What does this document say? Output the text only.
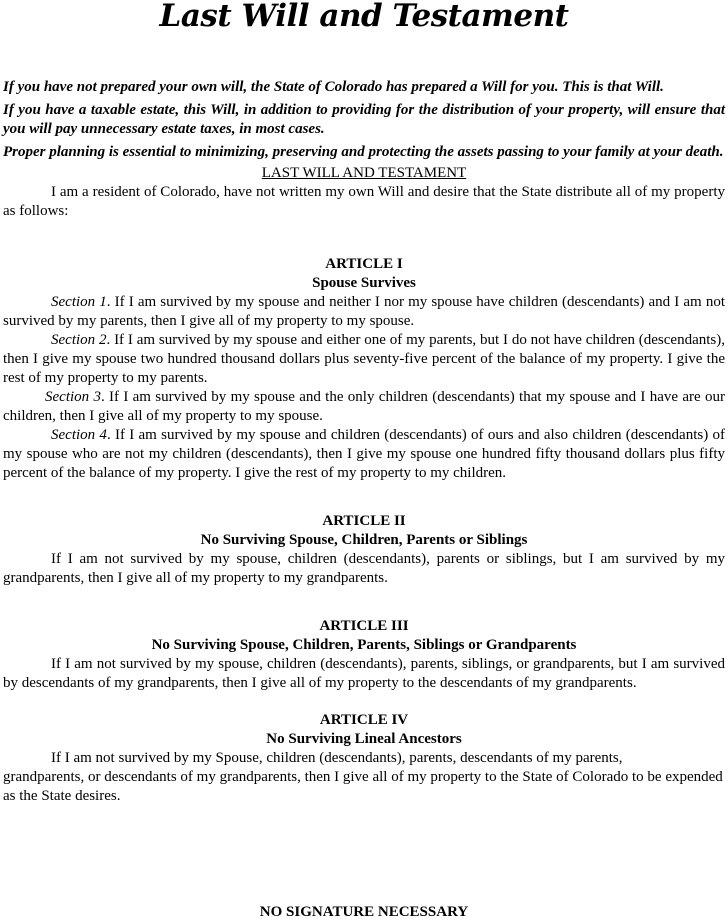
Last Will and Testament

If you have not prepared your own will, the State of Colorado has prepared a Will for you. This is that Will.

If you have a taxable estate, this Will, in addition to providing for the distribution of your property, will ensure that you will pay unnecessary estate taxes, in most cases.

Proper planning is essential to minimizing, preserving and protecting the assets passing to your family at your death.

LAST WILL AND TESTAMENT

I am a resident of Colorado, have not written my own Will and desire that the State distribute all of my property as follows:

ARTICLE I

Spouse Survives

Section 1. If I am survived by my spouse and neither I nor my spouse have children (descendants) and I am not survived by my parents, then I give all of my property to my spouse.

Section 2. If I am survived by my spouse and either one of my parents, but I do not have children (descendants), then I give my spouse two hundred thousand dollars plus seventy-five percent of the balance of my property. I give the rest of my property to my parents.

Section 3. If I am survived by my spouse and the only children (descendants) that my spouse and I have are our children, then I give all of my property to my spouse.

Section 4. If I am survived by my spouse and children (descendants) of ours and also children (descendants) of my spouse who are not my children (descendants), then I give my spouse one hundred fifty thousand dollars plus fifty percent of the balance of my property. I give the rest of my property to my children.

ARTICLE II

No Surviving Spouse, Children, Parents or Siblings

If I am not survived by my spouse, children (descendants), parents or siblings, but I am survived by my grandparents, then I give all of my property to my grandparents.

ARTICLE III

No Surviving Spouse, Children, Parents, Siblings or Grandparents

If I am not survived by my spouse, children (descendants), parents, siblings, or grandparents, but I am survived by descendants of my grandparents, then I give all of my property to the descendants of my grandparents.

ARTICLE IV

No Surviving Lineal Ancestors

If I am not survived by my Spouse, children (descendants), parents, descendants of my parents,

grandparents, or descendants of my grandparents, then I give all of my property to the State of Colorado to be expended as the State desires.

NO SIGNATURE NECESSARY
